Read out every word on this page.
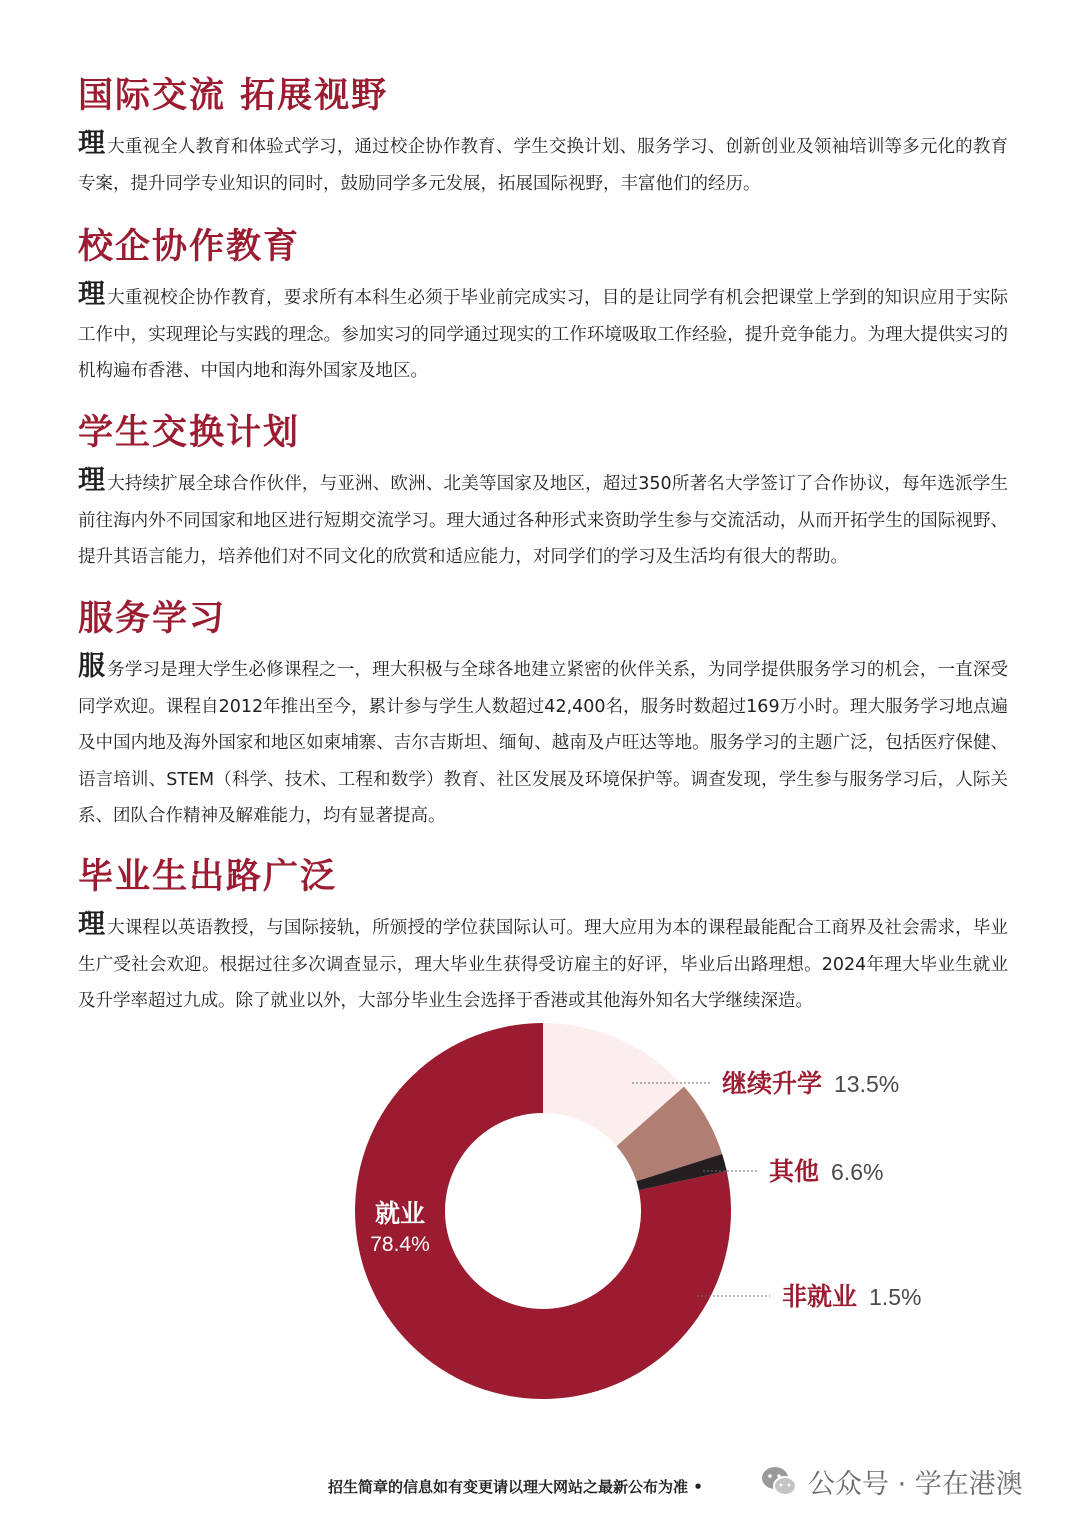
国际交流 拓展视野

理大重视全人教育和体验式学习，通过校企协作教育、学生交换计划、服务学习、创新创业及领袖培训等多元化的教育专案，提升同学专业知识的同时，鼓励同学多元发展，拓展国际视野，丰富他们的经历。

校企协作教育

理大重视校企协作教育，要求所有本科生必须于毕业前完成实习，目的是让同学有机会把课堂上学到的知识应用于实际工作中，实现理论与实践的理念。参加实习的同学通过现实的工作环境吸取工作经验，提升竞争能力。为理大提供实习的机构遍布香港、中国内地和海外国家及地区。

学生交换计划

理大持续扩展全球合作伙伴，与亚洲、欧洲、北美等国家及地区，超过350所著名大学签订了合作协议，每年选派学生前往海内外不同国家和地区进行短期交流学习。理大通过各种形式来资助学生参与交流活动，从而开拓学生的国际视野、提升其语言能力，培养他们对不同文化的欣赏和适应能力，对同学们的学习及生活均有很大的帮助。

服务学习

服务学习是理大学生必修课程之一，理大积极与全球各地建立紧密的伙伴关系，为同学提供服务学习的机会，一直深受同学欢迎。课程自2012年推出至今，累计参与学生人数超过42,400名，服务时数超过169万小时。理大服务学习地点遍及中国内地及海外国家和地区如柬埔寨、吉尔吉斯坦、缅甸、越南及卢旺达等地。服务学习的主题广泛，包括医疗保健、语言培训、STEM（科学、技术、工程和数学）教育、社区发展及环境保护等。调查发现，学生参与服务学习后，人际关系、团队合作精神及解难能力，均有显著提高。

毕业生出路广泛

理大课程以英语教授，与国际接轨，所颁授的学位获国际认可。理大应用为本的课程最能配合工商界及社会需求，毕业生广受社会欢迎。根据过往多次调查显示，理大毕业生获得受访雇主的好评，毕业后出路理想。2024年理大毕业生就业及升学率超过九成。除了就业以外，大部分毕业生会选择于香港或其他海外知名大学继续深造。

就业
78.4%
继续升学 13.5%
其他 6.6%
非就业 1.5%
招生简章的信息如有变更请以理大网站之最新公布为准 •	公众号 · 学在港澳
